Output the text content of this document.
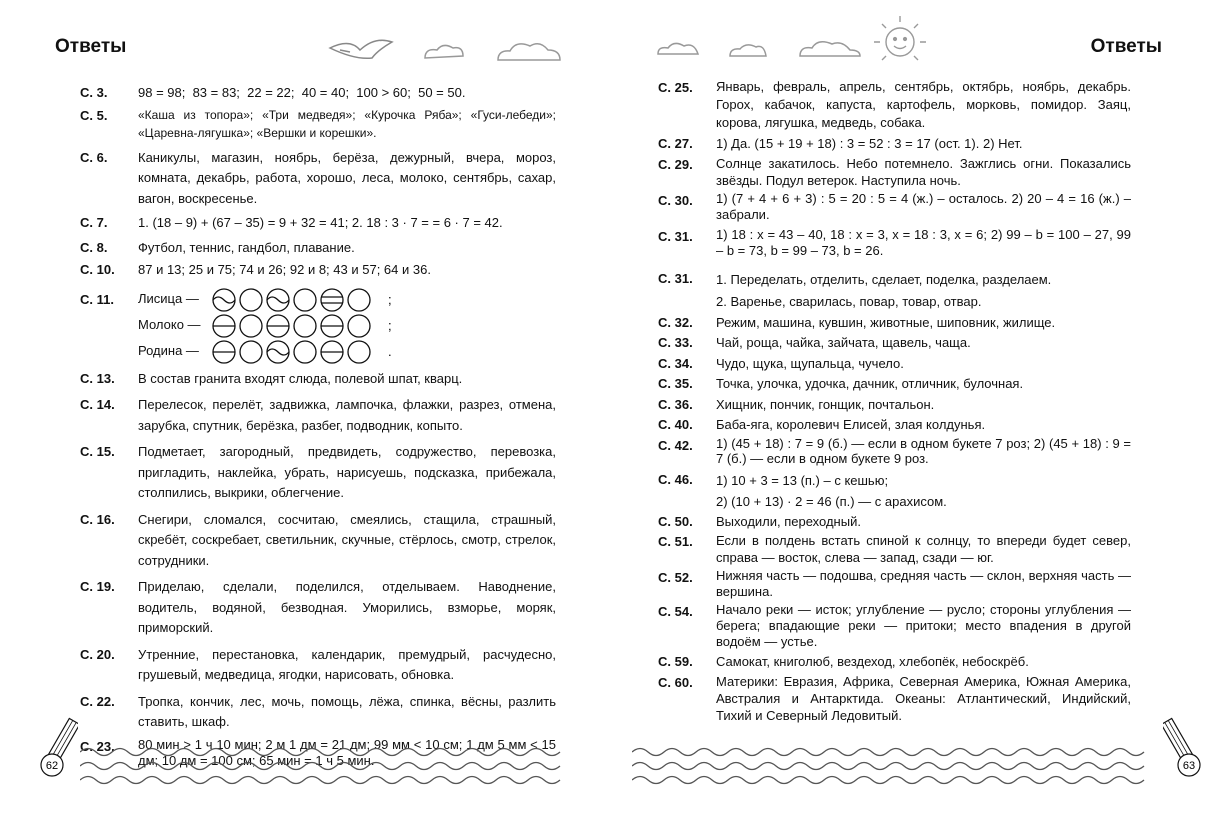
Ответы
С. 3.	98 = 98;  83 = 83;  22 = 22;  40 = 40;  100 > 60;  50 = 50.
С. 5.	«Каша из топора»; «Три медведя»; «Курочка Ряба»; «Гуси-лебеди»; «Царевна-лягушка»; «Вершки и корешки».
С. 6.	Каникулы, магазин, ноябрь, берёза, дежурный, вчера, мороз, комната, декабрь, работа, хорошо, леса, молоко, сентябрь, сахар, вагон, воскресенье.
С. 7.	1. (18 – 9) + (67 – 35) = 9 + 32 = 41; 2. 18 : 3 · 7 = = 6 · 7 = 42.
С. 8.	Футбол, теннис, гандбол, плавание.
С. 10.	87 и 13; 25 и 75; 74 и 26; 92 и 8; 43 и 57; 64 и 36.
С. 11.	Лисица —	;
Молоко —	;
Родина —	.
С. 13.	В состав гранита входят слюда, полевой шпат, кварц.
С. 14.	Перелесок, перелёт, задвижка, лампочка, флажки, разрез, отмена, зарубка, спутник, берёзка, разбег, подводник, копыто.
С. 15.	Подметает, загородный, предвидеть, содружество, перевозка, пригладить, наклейка, убрать, нарисуешь, подсказка, прибежала, столпились, выкрики, облегчение.
С. 16.	Снегири, сломался, сосчитаю, смеялись, стащила, страшный, скребёт, соскребает, светильник, скучные, стёрлось, смотр, стрелок, сотрудники.
С. 19.	Приделаю, сделали, поделился, отделываем. Наводнение, водитель, водяной, безводная. Уморились, взморье, моряк, приморский.
С. 20.	Утренние, перестановка, календарик, премудрый, расчудесно, грушевый, медведица, ягодки, нарисовать, обновка.
С. 22.	Тропка, кончик, лес, мочь, помощь, лёжа, спинка, вёсны, разлить ставить, шкаф.
С. 23.	80 мин > 1 ч 10 мин; 2 м 1 дм = 21 дм; 99 мм < 10 см; 1 дм 5 мм < 15 дм; 10 дм = 100 см; 65 мин = 1 ч 5 мин.
62
Ответы
С. 25.	Январь, февраль, апрель, сентябрь, октябрь, ноябрь, декабрь. Горох, кабачок, капуста, картофель, морковь, помидор. Заяц, корова, лягушка, медведь, собака.
С. 27.	1) Да. (15 + 19 + 18) : 3 = 52 : 3 = 17 (ост. 1). 2) Нет.
С. 29.	Солнце закатилось. Небо потемнело. Зажглись огни. Показались звёзды. Подул ветерок. Наступила ночь.
С. 30.	1) (7 + 4 + 6 + 3) : 5 = 20 : 5 = 4 (ж.) – осталось. 2) 20 – 4 = 16 (ж.) – забрали.
С. 31.	1) 18 : х = 43 – 40, 18 : х = 3, х = 18 : 3, х = 6; 2) 99 – b = 100 – 27, 99 – b = 73, b = 99 – 73, b = 26.
С. 31.	1. Переделать, отделить, сделает, поделка, разделаем.
2. Варенье, сварилась, повар, товар, отвар.
С. 32.	Режим, машина, кувшин, животные, шиповник, жилище.
С. 33.	Чай, роща, чайка, зайчата, щавель, чаща.
С. 34.	Чудо, щука, щупальца, чучело.
С. 35.	Точка, улочка, удочка, дачник, отличник, булочная.
С. 36.	Хищник, пончик, гонщик, почтальон.
С. 40.	Баба-яга, королевич Елисей, злая колдунья.
С. 42.	1) (45 + 18) : 7 = 9 (б.) — если в одном букете 7 роз; 2) (45 + 18) : 9 = 7 (б.) — если в одном букете 9 роз.
С. 46.	1) 10 + 3 = 13 (п.) – с кешью;
2) (10 + 13) · 2 = 46 (п.) — с арахисом.
С. 50.	Выходили, переходный.
С. 51.	Если в полдень встать спиной к солнцу, то впереди будет север, справа — восток, слева — запад, сзади — юг.
С. 52.	Нижняя часть — подошва, средняя часть — склон, верхняя часть — вершина.
С. 54.	Начало реки — исток; углубление — русло; стороны углубления — берега; впадающие реки — притоки; место впадения в другой водоём — устье.
С. 59.	Самокат, книголюб, вездеход, хлебопёк, небоскрёб.
С. 60.	Материки: Евразия, Африка, Северная Америка, Южная Америка, Австралия и Антарктида. Океаны: Атлантический, Индийский, Тихий и Северный Ледовитый.
63
